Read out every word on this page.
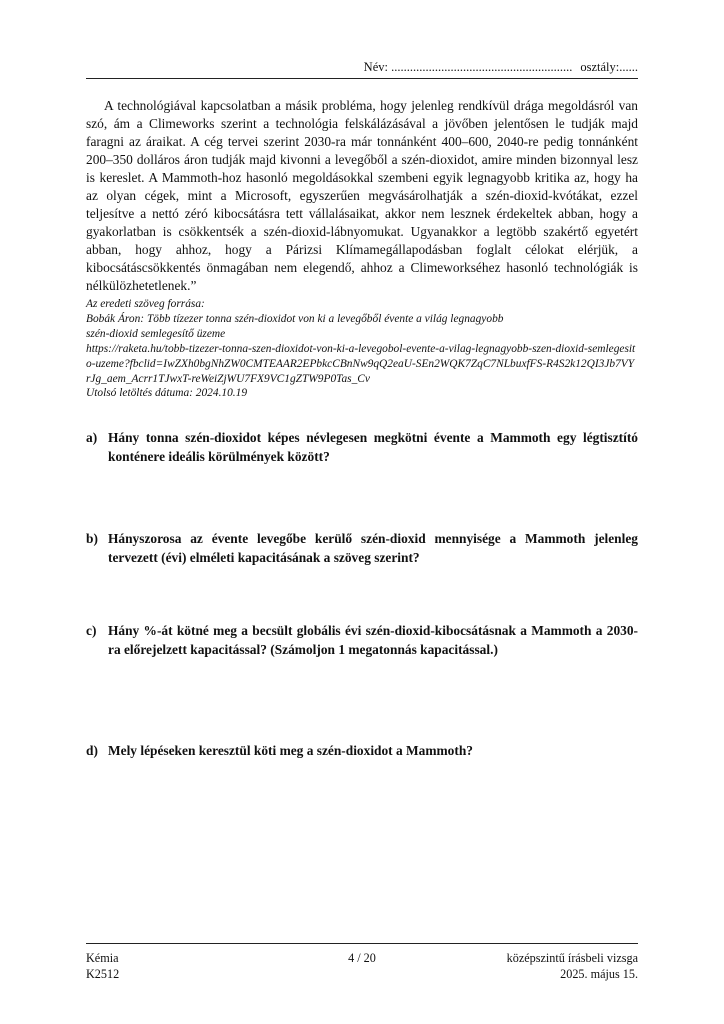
Név: .......................................................... osztály:......
A technológiával kapcsolatban a másik probléma, hogy jelenleg rendkívül drága megoldásról van szó, ám a Climeworks szerint a technológia felskálázásával a jövőben jelentősen le tudják majd faragni az áraikat. A cég tervei szerint 2030-ra már tonnánként 400–600, 2040-re pedig tonnánként 200–350 dolláros áron tudják majd kivonni a levegőből a szén-dioxidot, amire minden bizonnyal lesz is kereslet. A Mammoth-hoz hasonló megoldásokkal szembeni egyik legnagyobb kritika az, hogy ha az olyan cégek, mint a Microsoft, egyszerűen megvásárolhatják a szén-dioxid-kvótákat, ezzel teljesítve a nettó zéró kibocsátásra tett vállalásaikat, akkor nem lesznek érdekeltek abban, hogy a gyakorlatban is csökkentsék a szén-dioxid-lábnyomukat. Ugyanakkor a legtöbb szakértő egyetért abban, hogy ahhoz, hogy a Párizsi Klímamegállapodásban foglalt célokat elérjük, a kibocsátáscsökkentés önmagában nem elegendő, ahhoz a Climeworkséhez hasonló technológiák is nélkülözhetetlenek.”
Az eredeti szöveg forrása:
Bobák Áron: Több tízezer tonna szén-dioxidot von ki a levegőből évente a világ legnagyobb
szén-dioxid semlegesítő üzeme
https://raketa.hu/tobb-tizezer-tonna-szen-dioxidot-von-ki-a-levegobol-evente-a-vilag-legnagyobb-szen-dioxid-semlegesito-uzeme?fbclid=IwZXh0bgNhZW0CMTEAAR2EPbkcCBnNw9qQ2eaU-SEn2WQK7ZqC7NLbuxfFS-R4S2k12QI3Jb7VYrJg_aem_Acrr1TJwxT-reWeiZjWU7FX9VC1gZTW9P0Tas_Cv
Utolsó letöltés dátuma: 2024.10.19
a) Hány tonna szén-dioxidot képes névlegesen megkötni évente a Mammoth egy légtisztító konténere ideális körülmények között?
b) Hányszorosa az évente levegőbe kerülő szén-dioxid mennyisége a Mammoth jelenleg tervezett (évi) elméleti kapacitásának a szöveg szerint?
c) Hány %-át kötné meg a becsült globális évi szén-dioxid-kibocsátásnak a Mammoth a 2030-ra előrejelzett kapacitással? (Számoljon 1 megatonnás kapacitással.)
d) Mely lépéseken keresztül köti meg a szén-dioxidot a Mammoth?
Kémia
K2512
4 / 20	középszintű írásbeli vizsga
2025. május 15.
